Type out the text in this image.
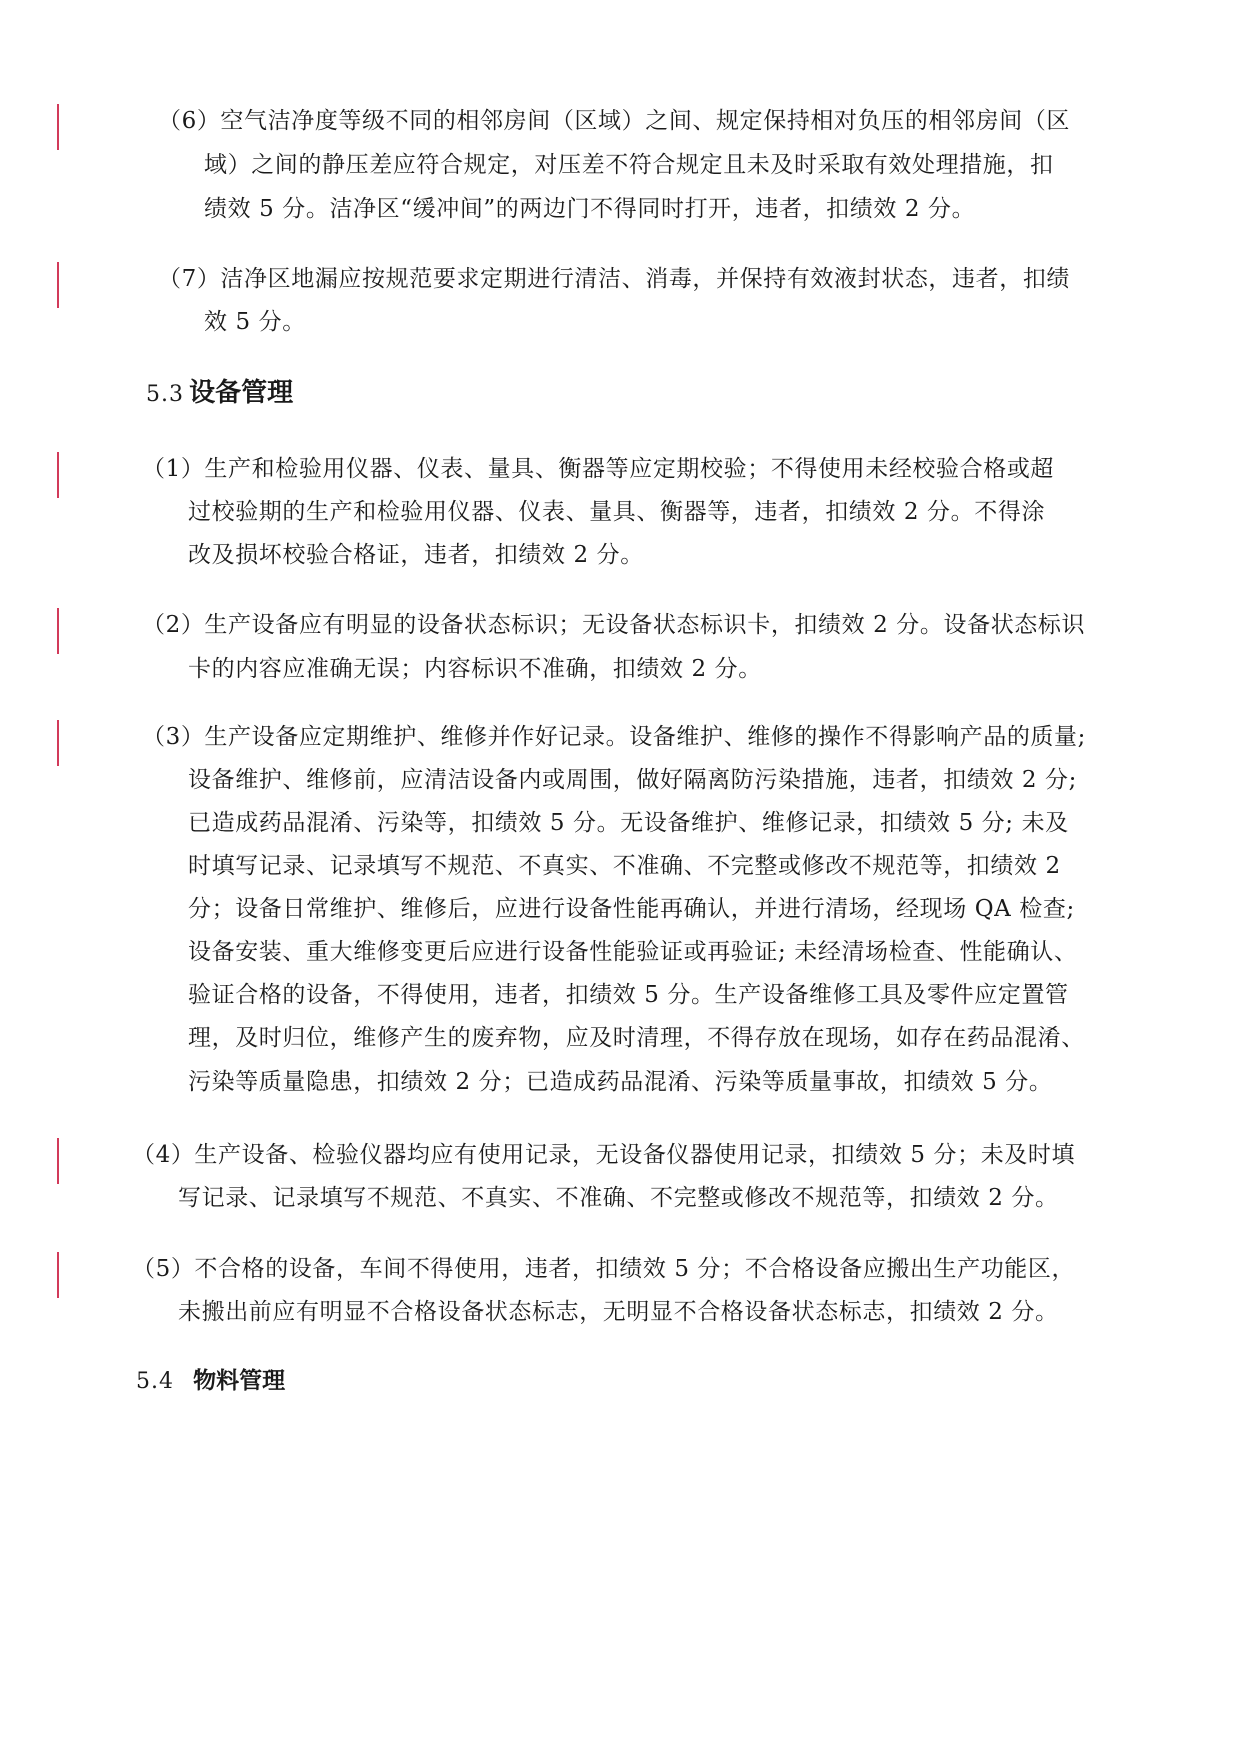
（6）空气洁净度等级不同的相邻房间（区域）之间、规定保持相对负压的相邻房间（区
域）之间的静压差应符合规定，对压差不符合规定且未及时采取有效处理措施，扣
绩效 5 分。洁净区“缓冲间”的两边门不得同时打开，违者，扣绩效 2 分。
（7）洁净区地漏应按规范要求定期进行清洁、消毒，并保持有效液封状态，违者，扣绩
效 5 分。
5.3 设备管理
（1）生产和检验用仪器、仪表、量具、衡器等应定期校验；不得使用未经校验合格或超
过校验期的生产和检验用仪器、仪表、量具、衡器等，违者，扣绩效 2 分。不得涂
改及损坏校验合格证，违者，扣绩效 2 分。
（2）生产设备应有明显的设备状态标识；无设备状态标识卡，扣绩效 2 分。设备状态标识
卡的内容应准确无误；内容标识不准确，扣绩效 2 分。
（3）生产设备应定期维护、维修并作好记录。设备维护、维修的操作不得影响产品的质量;
设备维护、维修前，应清洁设备内或周围，做好隔离防污染措施，违者，扣绩效 2 分;
已造成药品混淆、污染等，扣绩效 5 分。无设备维护、维修记录，扣绩效 5 分; 未及
时填写记录、记录填写不规范、不真实、不准确、不完整或修改不规范等，扣绩效 2
分；设备日常维护、维修后，应进行设备性能再确认，并进行清场，经现场 QA 检查;
设备安装、重大维修变更后应进行设备性能验证或再验证; 未经清场检查、性能确认、
验证合格的设备，不得使用，违者，扣绩效 5 分。生产设备维修工具及零件应定置管
理，及时归位，维修产生的废弃物，应及时清理，不得存放在现场，如存在药品混淆、
污染等质量隐患，扣绩效 2 分；已造成药品混淆、污染等质量事故，扣绩效 5 分。
（4）生产设备、检验仪器均应有使用记录，无设备仪器使用记录，扣绩效 5 分；未及时填
写记录、记录填写不规范、不真实、不准确、不完整或修改不规范等，扣绩效 2 分。
（5）不合格的设备，车间不得使用，违者，扣绩效 5 分；不合格设备应搬出生产功能区，
未搬出前应有明显不合格设备状态标志，无明显不合格设备状态标志，扣绩效 2 分。
5.4 物料管理
